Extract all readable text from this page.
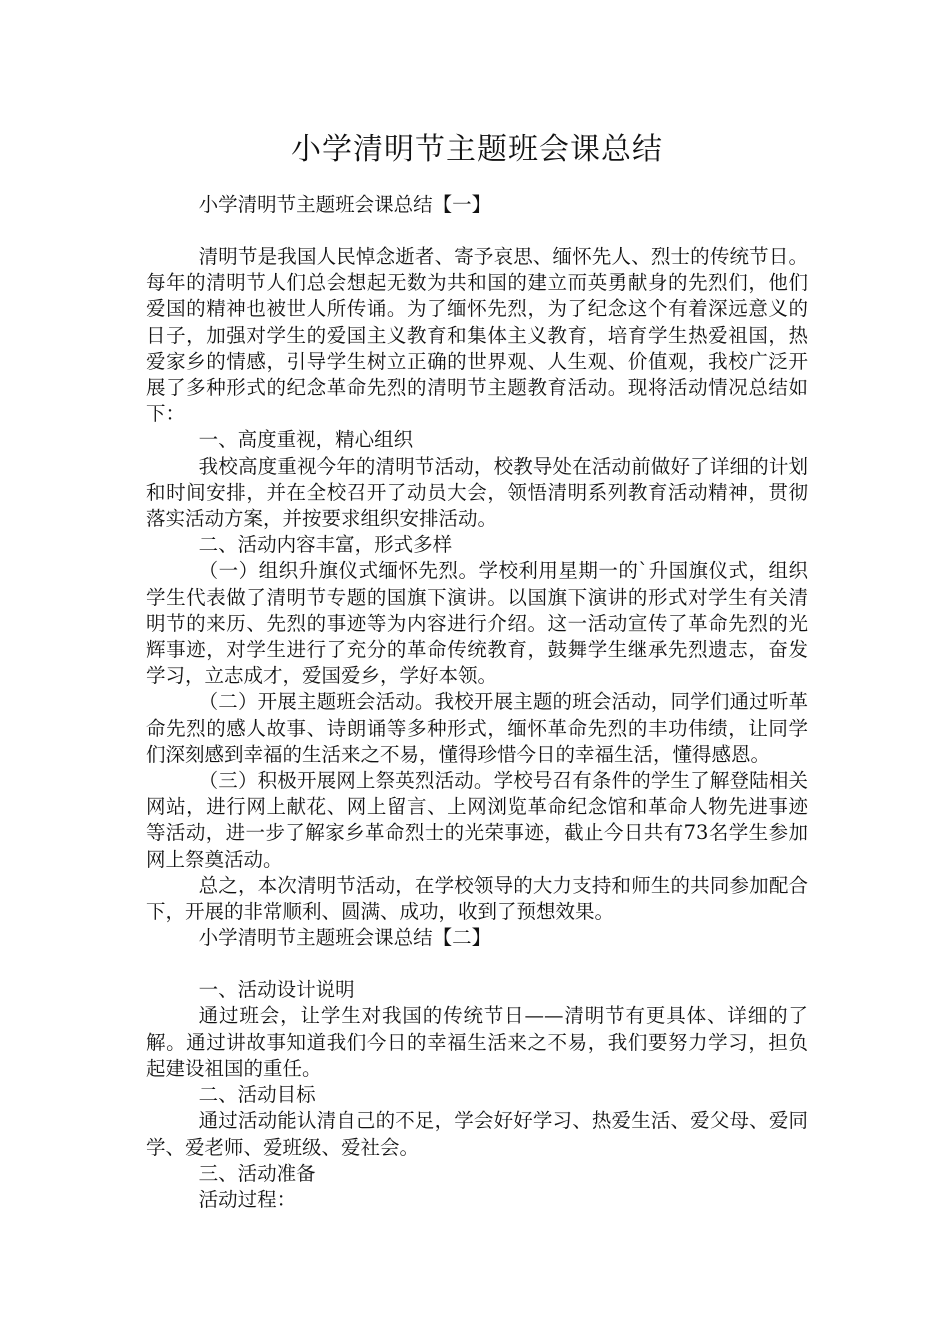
小学清明节主题班会课总结

小学清明节主题班会课总结【一】

清明节是我国人民悼念逝者、寄予哀思、缅怀先人、烈士的传统节日。每年的清明节人们总会想起无数为共和国的建立而英勇献身的先烈们，他们爱国的精神也被世人所传诵。为了缅怀先烈，为了纪念这个有着深远意义的日子，加强对学生的爱国主义教育和集体主义教育，培育学生热爱祖国，热爱家乡的情感，引导学生树立正确的世界观、人生观、价值观，我校广泛开展了多种形式的纪念革命先烈的清明节主题教育活动。现将活动情况总结如下：

一、高度重视，精心组织

我校高度重视今年的清明节活动，校教导处在活动前做好了详细的计划和时间安排，并在全校召开了动员大会，领悟清明系列教育活动精神，贯彻落实活动方案，并按要求组织安排活动。

二、活动内容丰富，形式多样

（一）组织升旗仪式缅怀先烈。学校利用星期一的`升国旗仪式，组织学生代表做了清明节专题的国旗下演讲。以国旗下演讲的形式对学生有关清明节的来历、先烈的事迹等为内容进行介绍。这一活动宣传了革命先烈的光辉事迹，对学生进行了充分的革命传统教育，鼓舞学生继承先烈遗志，奋发学习，立志成才，爱国爱乡，学好本领。

（二）开展主题班会活动。我校开展主题的班会活动，同学们通过听革命先烈的感人故事、诗朗诵等多种形式，缅怀革命先烈的丰功伟绩，让同学们深刻感到幸福的生活来之不易，懂得珍惜今日的幸福生活，懂得感恩。

（三）积极开展网上祭英烈活动。学校号召有条件的学生了解登陆相关网站，进行网上献花、网上留言、上网浏览革命纪念馆和革命人物先进事迹等活动，进一步了解家乡革命烈士的光荣事迹，截止今日共有73名学生参加网上祭奠活动。

总之，本次清明节活动，在学校领导的大力支持和师生的共同参加配合下，开展的非常顺利、圆满、成功，收到了预想效果。

小学清明节主题班会课总结【二】

一、活动设计说明

通过班会，让学生对我国的传统节日——清明节有更具体、详细的了解。通过讲故事知道我们今日的幸福生活来之不易，我们要努力学习，担负起建设祖国的重任。

二、活动目标

通过活动能认清自己的不足，学会好好学习、热爱生活、爱父母、爱同学、爱老师、爱班级、爱社会。

三、活动准备

活动过程：
